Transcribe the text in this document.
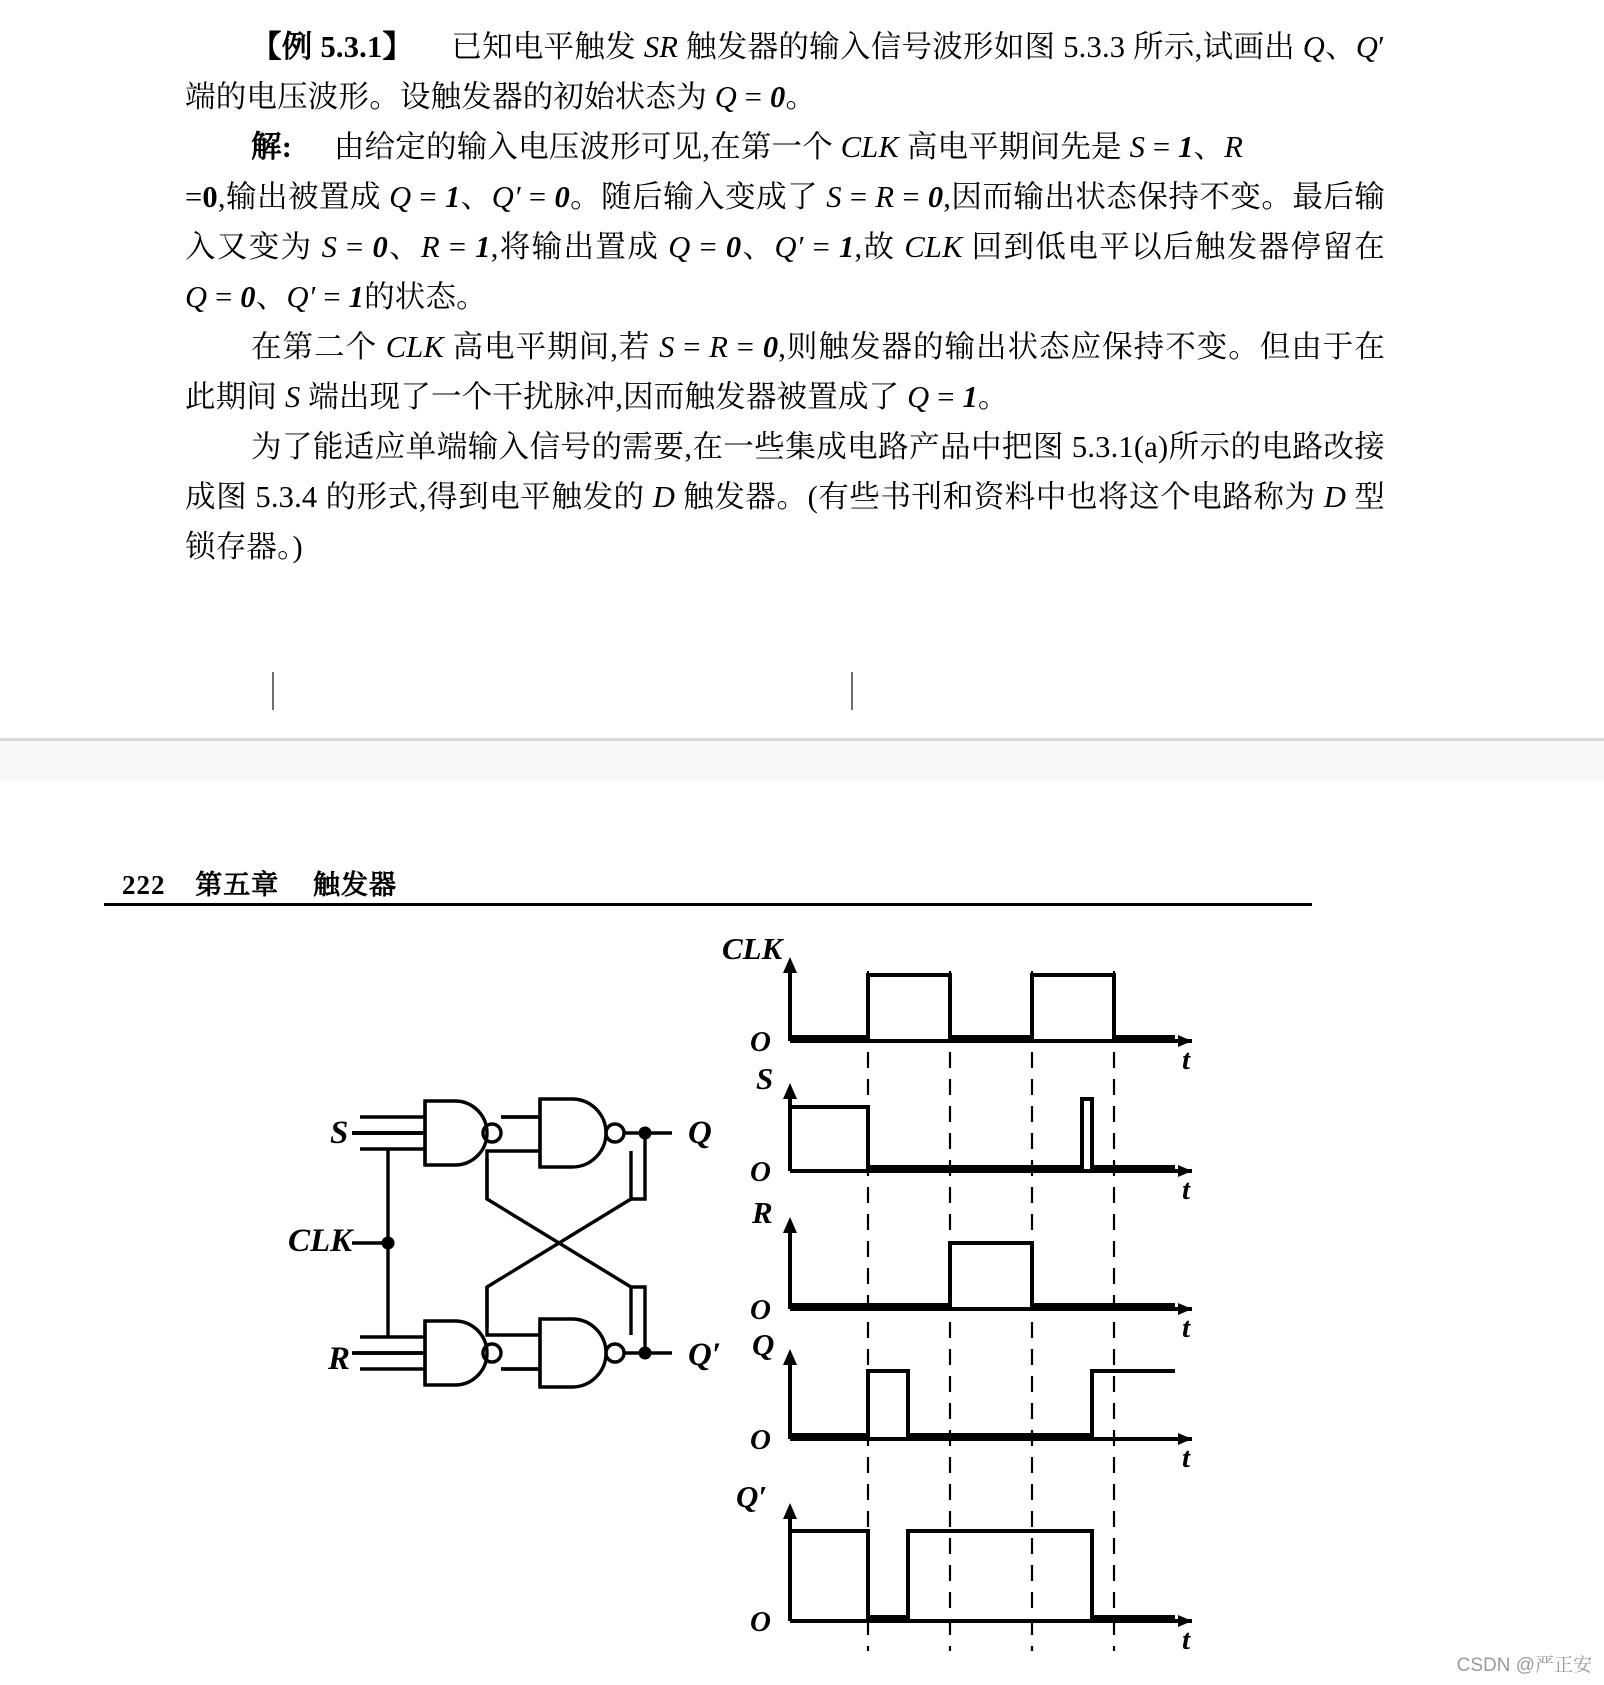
【例 5.3.1】 已知电平触发 SR 触发器的输入信号波形如图 5.3.3 所示,试画出 Q、Q′端的电压波形。设触发器的初始状态为 Q = 0。

解: 由给定的输入电压波形可见,在第一个 CLK 高电平期间先是 S = 1、R
=0,输出被置成 Q = 1、Q′ = 0。随后输入变成了 S = R = 0,因而输出状态保持不变。最后输入又变为 S = 0、R = 1,将输出置成 Q = 0、Q′ = 1,故 CLK 回到低电平以后触发器停留在 Q = 0、Q′ = 1的状态。

在第二个 CLK 高电平期间,若 S = R = 0,则触发器的输出状态应保持不变。但由于在此期间 S 端出现了一个干扰脉冲,因而触发器被置成了 Q = 1。

为了能适应单端输入信号的需要,在一些集成电路产品中把图 5.3.1(a)所示的电路改接成图 5.3.4 的形式,得到电平触发的 D 触发器。(有些书刊和资料中也将这个电路称为 D 型锁存器。)

222 第五章 触发器
S
CLK
R
Q
Q′
CLK
O
t
S
O
t
R
O
t
Q
O
t
Q′
O
t
CSDN @严正安
